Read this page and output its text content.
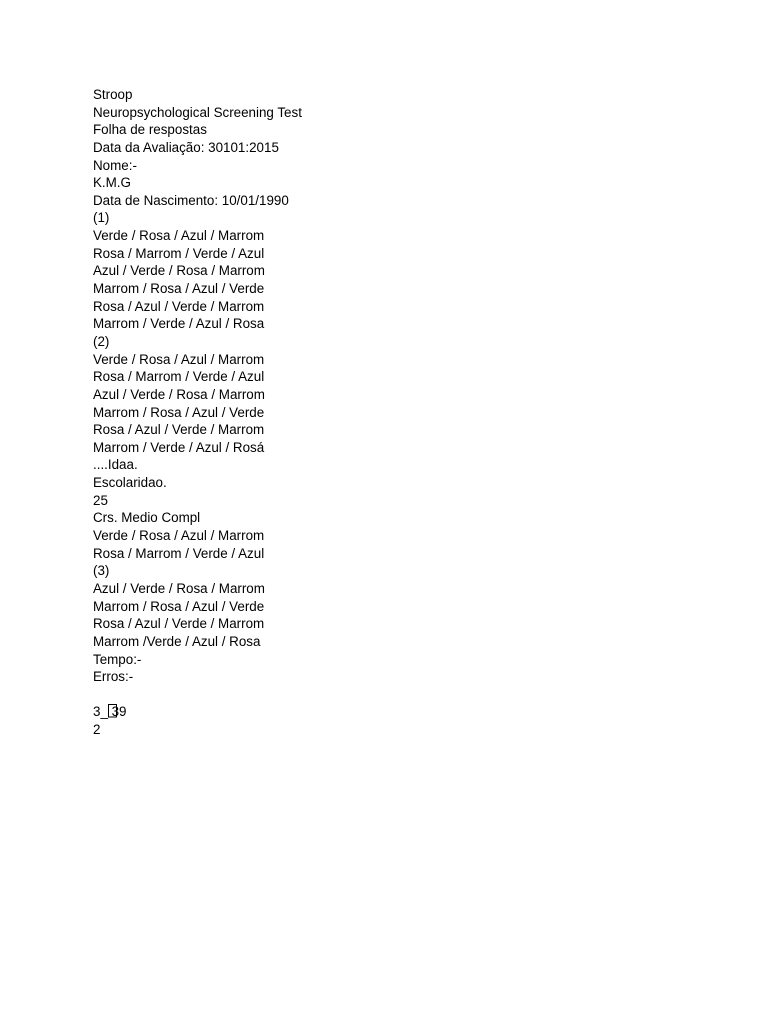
Stroop
Neuropsychological Screening Test
Folha de respostas
Data da Avaliação: 30101:2015
Nome:-
K.M.G
Data de Nascimento: 10/01/1990
(1)
Verde / Rosa / Azul / Marrom
Rosa / Marrom / Verde / Azul
Azul / Verde / Rosa / Marrom
Marrom / Rosa / Azul / Verde
Rosa / Azul / Verde / Marrom
Marrom / Verde / Azul / Rosa
(2)
Verde / Rosa / Azul / Marrom
Rosa / Marrom / Verde / Azul
Azul / Verde / Rosa / Marrom
Marrom / Rosa / Azul / Verde
Rosa / Azul / Verde / Marrom
Marrom / Verde / Azul / Rosá
....Idaa.
Escolaridao.
25
Crs. Medio Compl
Verde / Rosa / Azul / Marrom
Rosa / Marrom / Verde / Azul
(3)
Azul / Verde / Rosa / Marrom
Marrom / Rosa / Azul / Verde
Rosa / Azul / Verde / Marrom
Marrom /Verde / Azul / Rosa
Tempo:-
Erros:-

3_ 39
2
